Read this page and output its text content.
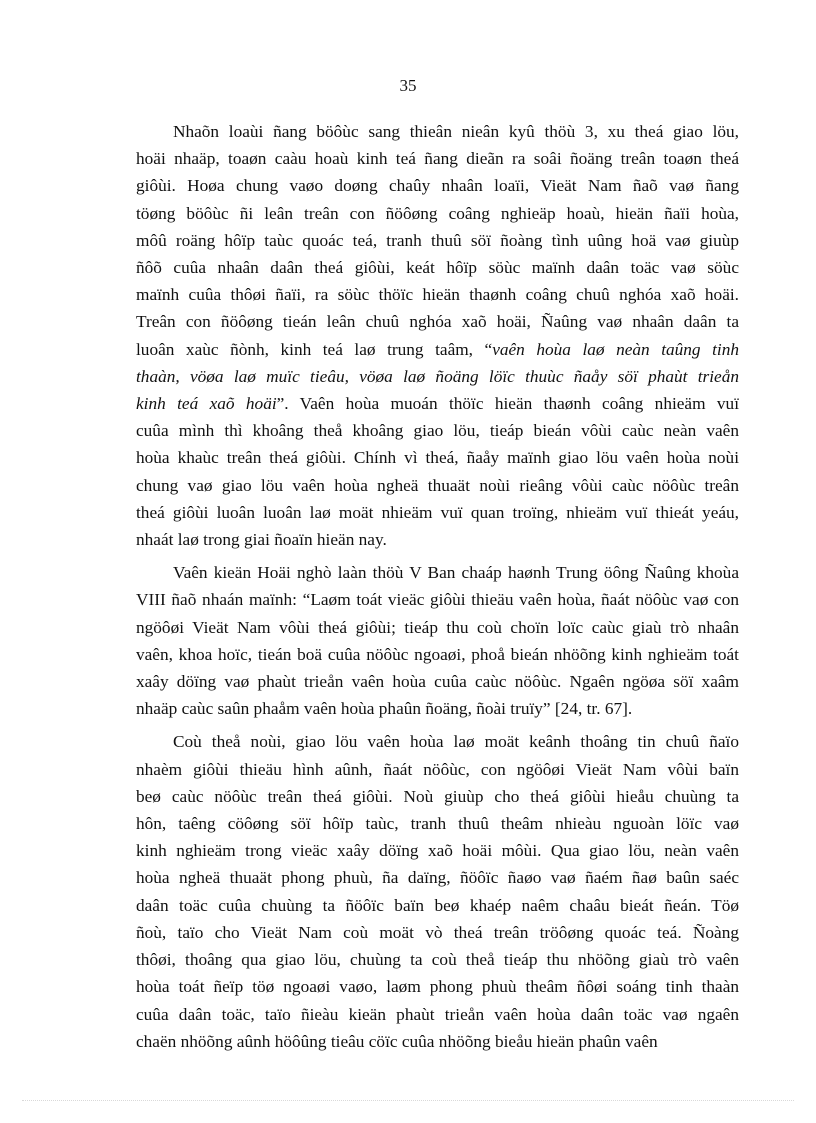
35

Nhaõn loaùi ñang böôùc sang thieân nieân kyû thöù 3, xu theá giao löu,
hoäi nhaäp, toaøn caàu hoaù kinh teá ñang dieãn ra soâi ñoäng treân toaøn theá
giôùi. Hoøa chung vaøo doøng chaûy nhaân loaïi, Vieät Nam ñaõ vaø ñang
töøng böôùc ñi leân treân con ñöôøng coâng nghieäp hoaù, hieän ñaïi hoùa,
môû roäng hôïp taùc quoác teá, tranh thuû söï ñoàng tình uûng hoä vaø giuùp
ñôõ cuûa nhaân daân theá giôùi, keát hôïp söùc maïnh daân toäc vaø söùc
maïnh cuûa thôøi ñaïi, ra söùc thöïc hieän thaønh coâng chuû nghóa xaõ hoäi.
Treân con ñöôøng tieán leân chuû nghóa xaõ hoäi, Ñaûng vaø nhaân daân ta
luoân xaùc ñònh, kinh teá laø trung taâm, “vaên hoùa laø neàn taûng tinh
thaàn, vöøa laø muïc tieâu, vöøa laø ñoäng löïc thuùc ñaåy söï phaùt trieån
kinh teá xaõ hoäi”. Vaên hoùa muoán thöïc hieän thaønh coâng nhieäm vuï
cuûa mình thì khoâng theå khoâng giao löu, tieáp bieán vôùi caùc neàn vaên
hoùa khaùc treân theá giôùi. Chính vì theá, ñaåy maïnh giao löu vaên hoùa noùi
chung vaø giao löu vaên hoùa ngheä thuaät noùi rieâng vôùi caùc nöôùc treân
theá giôùi luoân luoân laø moät nhieäm vuï quan troïng, nhieäm vuï thieát yeáu,
nhaát laø trong giai ñoaïn hieän nay.

Vaên kieän Hoäi nghò laàn thöù V Ban chaáp haønh Trung öông Ñaûng khoùa
VIII ñaõ nhaán maïnh: “Laøm toát vieäc giôùi thieäu vaên hoùa, ñaát nöôùc vaø con
ngöôøi Vieät Nam vôùi theá giôùi; tieáp thu coù choïn loïc caùc giaù trò nhaân
vaên, khoa hoïc, tieán boä cuûa nöôùc ngoaøi, phoå bieán nhöõng kinh nghieäm toát
xaây döïng vaø phaùt trieån vaên hoùa cuûa caùc nöôùc. Ngaên ngöøa söï xaâm
nhaäp caùc saûn phaåm vaên hoùa phaûn ñoäng, ñoài truïy” [24, tr. 67].

Coù theå noùi, giao löu vaên hoùa laø moät keânh thoâng tin chuû ñaïo
nhaèm giôùi thieäu hình aûnh, ñaát nöôùc, con ngöôøi Vieät Nam vôùi baïn
beø caùc nöôùc treân theá giôùi. Noù giuùp cho theá giôùi hieåu chuùng ta
hôn, taêng cöôøng söï hôïp taùc, tranh thuû theâm nhieàu nguoàn löïc vaø
kinh nghieäm trong vieäc xaây döïng xaõ hoäi môùi. Qua giao löu, neàn vaên
hoùa ngheä thuaät phong phuù, ña daïng, ñöôïc ñaøo vaø ñaém ñaø baûn saéc
daân toäc cuûa chuùng ta ñöôïc baïn beø khaép naêm chaâu bieát ñeán. Töø
ñoù, taïo cho Vieät Nam coù moät vò theá treân tröôøng quoác teá. Ñoàng
thôøi, thoâng qua giao löu, chuùng ta coù theå tieáp thu nhöõng giaù trò vaên
hoùa toát ñeïp töø ngoaøi vaøo, laøm phong phuù theâm ñôøi soáng tinh thaàn
cuûa daân toäc, taïo ñieàu kieän phaùt trieån vaên hoùa daân toäc vaø ngaên
chaën nhöõng aûnh höôûng tieâu cöïc cuûa nhöõng bieåu hieän phaûn vaên
